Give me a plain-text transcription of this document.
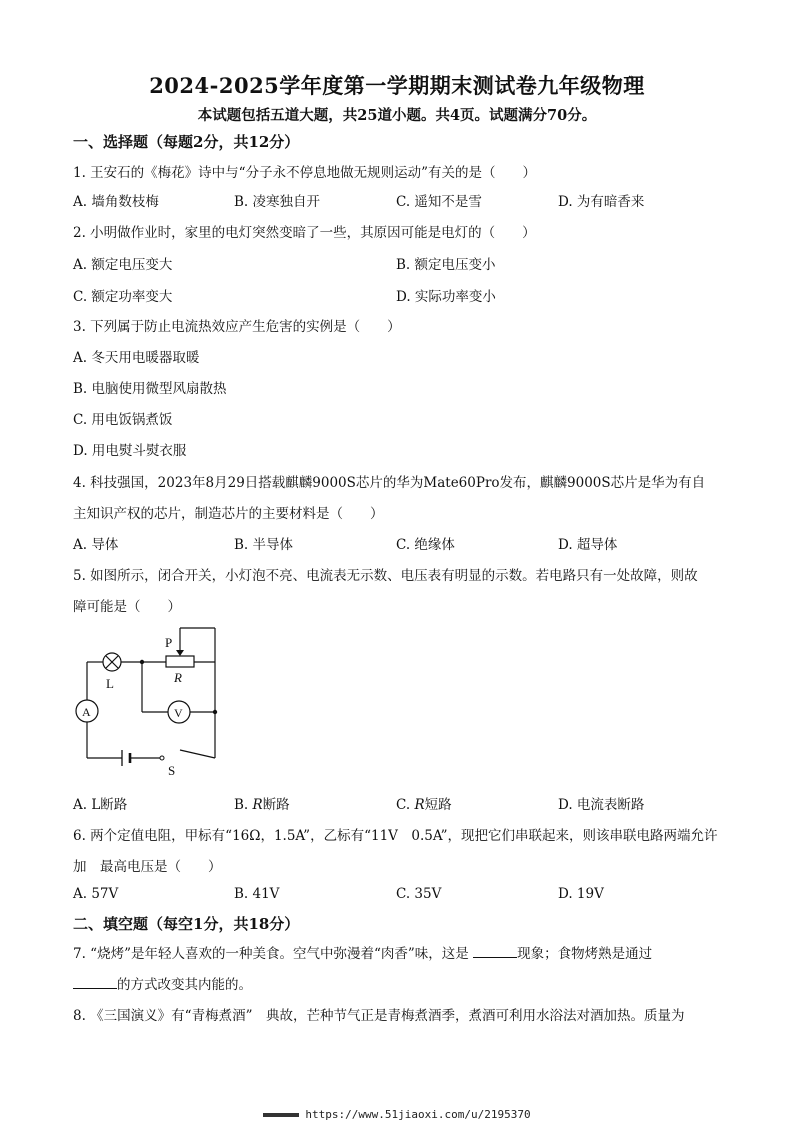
2024-2025学年度第一学期期末测试卷九年级物理
本试题包括五道大题，共25道小题。共4页。试题满分70分。
一、选择题（每题2分，共12分）
1. 王安石的《梅花》诗中与“分子永不停息地做无规则运动”有关的是（　　）
A. 墙角数枝梅	B. 凌寒独自开	C. 遥知不是雪	D. 为有暗香来
2. 小明做作业时，家里的电灯突然变暗了一些，其原因可能是电灯的（　　）
A. 额定电压变大	B. 额定电压变小
C. 额定功率变大	D. 实际功率变小
3. 下列属于防止电流热效应产生危害的实例是（　　）
A. 冬天用电暖器取暖
B. 电脑使用微型风扇散热
C. 用电饭锅煮饭
D. 用电熨斗熨衣服
4. 科技强国，2023年8月29日搭载麒麟9000S芯片的华为Mate60Pro发布，麒麟9000S芯片是华为有自
主知识产权的芯片，制造芯片的主要材料是（　　）
A. 导体	B. 半导体	C. 绝缘体	D. 超导体
5. 如图所示，闭合开关，小灯泡不亮、电流表无示数、电压表有明显的示数。若电路只有一处故障，则故
障可能是（　　）
P
R
L
A	V
S
A. L断路	B. R断路	C. R短路	D. 电流表断路
6. 两个定值电阻，甲标有“16Ω，1.5A”，乙标有“11V　0.5A”，现把它们串联起来，则该串联电路两端允许
加　最高电压是（　　）
A. 57V	B. 41V	C. 35V	D. 19V
二、填空题（每空1分，共18分）
7. “烧烤”是年轻人喜欢的一种美食。空气中弥漫着“肉香”味，这是	现象；食物烤熟是通过
的方式改变其内能的。
8. 《三国演义》有“青梅煮酒”　典故，芒种节气正是青梅煮酒季，煮酒可利用水浴法对酒加热。质量为
https://www.51jiaoxi.com/u/2195370
